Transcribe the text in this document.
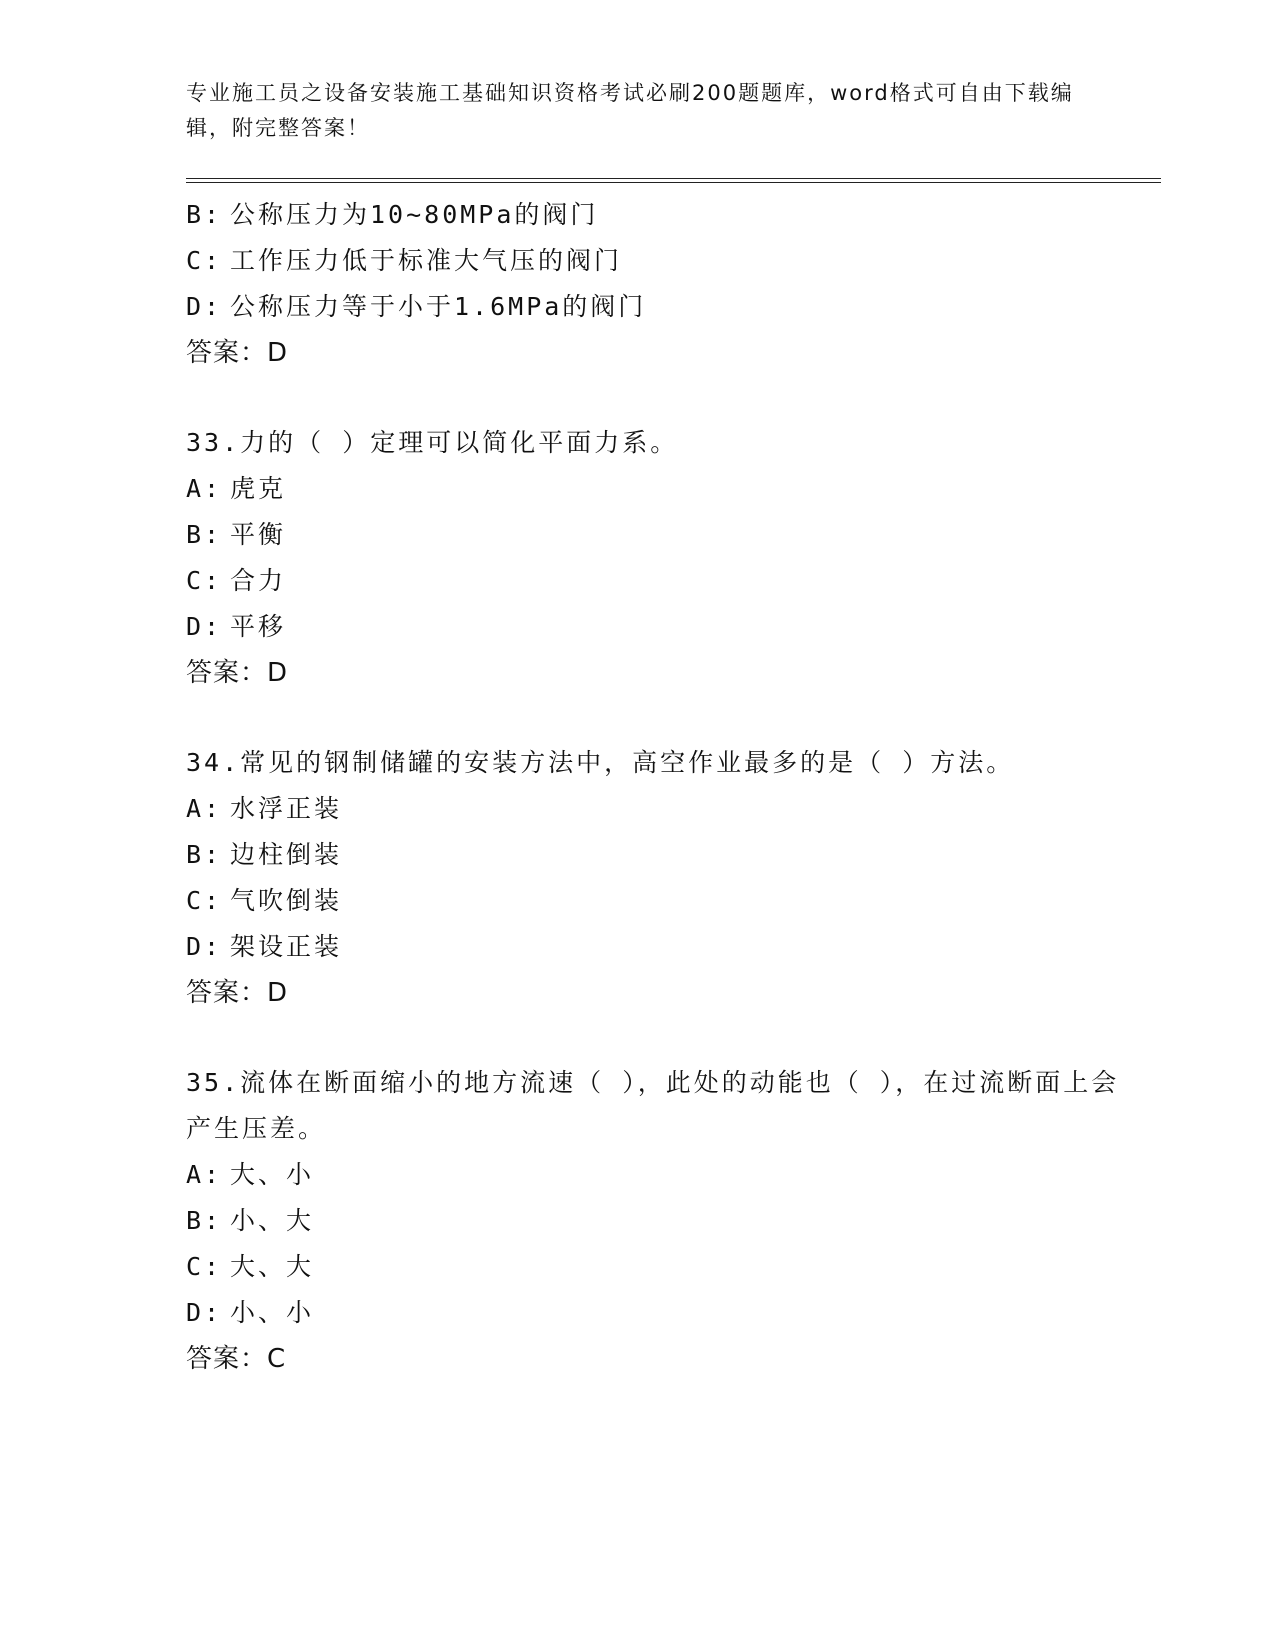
专业施工员之设备安装施工基础知识资格考试必刷200题题库，word格式可自由下载编辑，附完整答案！
B: 公称压力为10~80MPa的阀门
C: 工作压力低于标准大气压的阀门
D: 公称压力等于小于1.6MPa的阀门
答案：D
33.力的（ ）定理可以简化平面力系。
A: 虎克
B: 平衡
C: 合力
D: 平移
答案：D
34.常见的钢制储罐的安装方法中，高空作业最多的是（ ）方法。
A: 水浮正装
B: 边柱倒装
C: 气吹倒装
D: 架设正装
答案：D
35.流体在断面缩小的地方流速（ ），此处的动能也（ ），在过流断面上会产生压差。
A: 大、小
B: 小、大
C: 大、大
D: 小、小
答案：C
